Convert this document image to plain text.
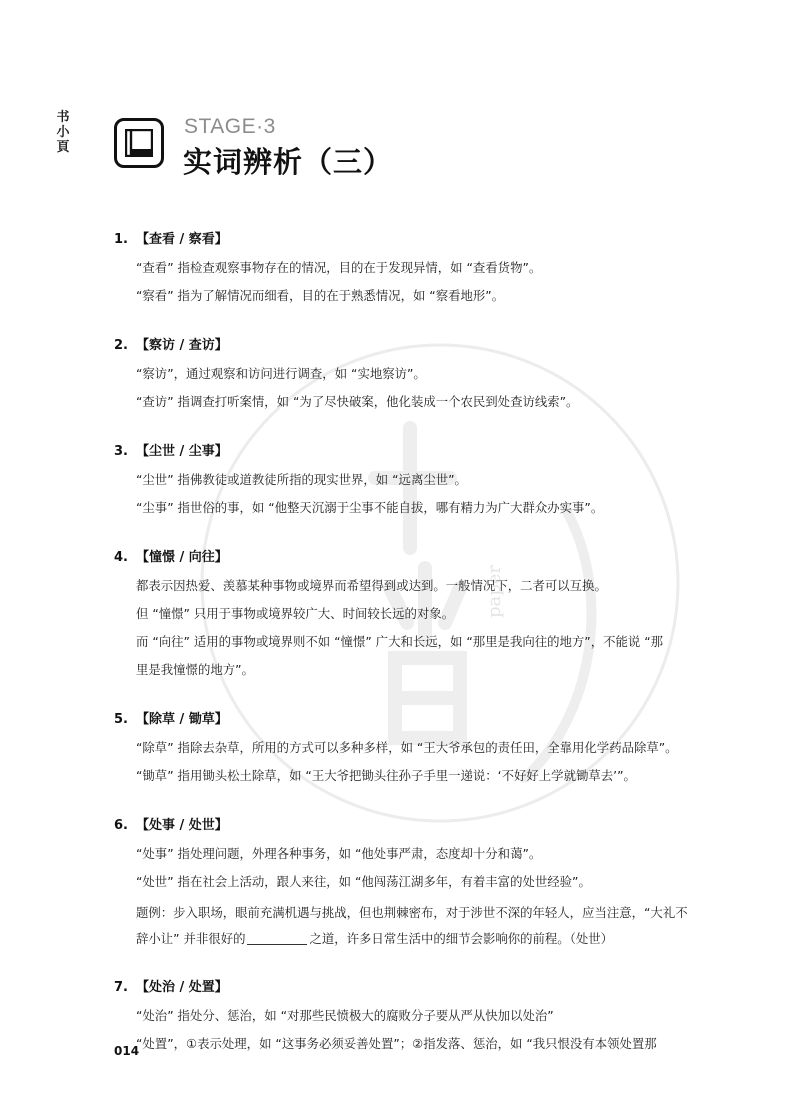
书
小
頁
STAGE·3
实词辨析（三）
paper
1. 【查看 / 察看】
“查看” 指检查观察事物存在的情况，目的在于发现异情，如 “查看货物”。
“察看” 指为了解情况而细看，目的在于熟悉情况，如 “察看地形”。
2. 【察访 / 查访】
“察访”，通过观察和访问进行调查，如 “实地察访”。
“查访” 指调查打听案情，如 “为了尽快破案，他化装成一个农民到处查访线索”。
3. 【尘世 / 尘事】
“尘世” 指佛教徒或道教徒所指的现实世界，如 “远离尘世”。
“尘事” 指世俗的事，如 “他整天沉溺于尘事不能自拔，哪有精力为广大群众办实事”。
4. 【憧憬 / 向往】
都表示因热爱、羡慕某种事物或境界而希望得到或达到。一般情况下，二者可以互换。
但 “憧憬” 只用于事物或境界较广大、时间较长远的对象。
而 “向往” 适用的事物或境界则不如 “憧憬” 广大和长远，如 “那里是我向往的地方”，不能说 “那
里是我憧憬的地方”。
5. 【除草 / 锄草】
“除草” 指除去杂草，所用的方式可以多种多样，如 “王大爷承包的责任田，全靠用化学药品除草”。
“锄草” 指用锄头松土除草，如 “王大爷把锄头往孙子手里一递说：‘不好好上学就锄草去’”。
6. 【处事 / 处世】
“处事” 指处理问题，外理各种事务，如 “他处事严肃，态度却十分和蔼”。
“处世” 指在社会上活动，跟人来往，如 “他闯荡江湖多年，有着丰富的处世经验”。
题例：步入职场，眼前充满机遇与挑战，但也荆棘密布，对于涉世不深的年轻人，应当注意，“大礼不辞小让” 并非很好的	之道，许多日常生活中的细节会影响你的前程。（处世）
7. 【处治 / 处置】
“处治” 指处分、惩治，如 “对那些民愤极大的腐败分子要从严从快加以处治”
“处置”，①表示处理，如 “这事务必须妥善处置”；②指发落、惩治，如 “我只恨没有本领处置那
014
